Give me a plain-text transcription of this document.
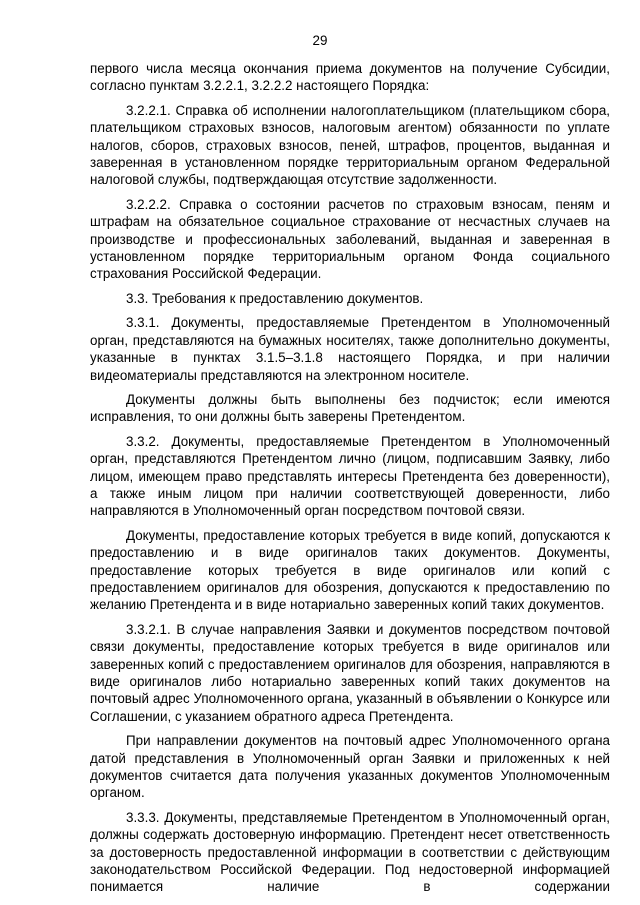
29

первого числа месяца окончания приема документов на получение Субсидии, согласно пунктам 3.2.2.1, 3.2.2.2 настоящего Порядка:

3.2.2.1. Справка об исполнении налогоплательщиком (плательщиком сбора, плательщиком страховых взносов, налоговым агентом) обязанности по уплате налогов, сборов, страховых взносов, пеней, штрафов, процентов, выданная и заверенная в установленном порядке территориальным органом Федеральной налоговой службы, подтверждающая отсутствие задолженности.

3.2.2.2. Справка о состоянии расчетов по страховым взносам, пеням и штрафам на обязательное социальное страхование от несчастных случаев на производстве и профессиональных заболеваний, выданная и заверенная в установленном порядке территориальным органом Фонда социального страхования Российской Федерации.

3.3. Требования к предоставлению документов.

3.3.1. Документы, предоставляемые Претендентом в Уполномоченный орган, представляются на бумажных носителях, также дополнительно документы, указанные в пунктах 3.1.5–3.1.8 настоящего Порядка, и при наличии видеоматериалы представляются на электронном носителе.

Документы должны быть выполнены без подчисток; если имеются исправления, то они должны быть заверены Претендентом.

3.3.2. Документы, предоставляемые Претендентом в Уполномоченный орган, представляются Претендентом лично (лицом, подписавшим Заявку, либо лицом, имеющем право представлять интересы Претендента без доверенности), а также иным лицом при наличии соответствующей доверенности, либо направляются в Уполномоченный орган посредством почтовой связи.

Документы, предоставление которых требуется в виде копий, допускаются к предоставлению и в виде оригиналов таких документов. Документы, предоставление которых требуется в виде оригиналов или копий с предоставлением оригиналов для обозрения, допускаются к предоставлению по желанию Претендента и в виде нотариально заверенных копий таких документов.

3.3.2.1. В случае направления Заявки и документов посредством почтовой связи документы, предоставление которых требуется в виде оригиналов или заверенных копий с предоставлением оригиналов для обозрения, направляются в виде оригиналов либо нотариально заверенных копий таких документов на почтовый адрес Уполномоченного органа, указанный в объявлении о Конкурсе или Соглашении, с указанием обратного адреса Претендента.

При направлении документов на почтовый адрес Уполномоченного органа датой представления в Уполномоченный орган Заявки и приложенных к ней документов считается дата получения указанных документов Уполномоченным органом.

3.3.3. Документы, представляемые Претендентом в Уполномоченный орган, должны содержать достоверную информацию. Претендент несет ответственность за достоверность предоставленной информации в соответствии с действующим законодательством Российской Федерации. Под недостоверной информацией понимается наличие в содержании
